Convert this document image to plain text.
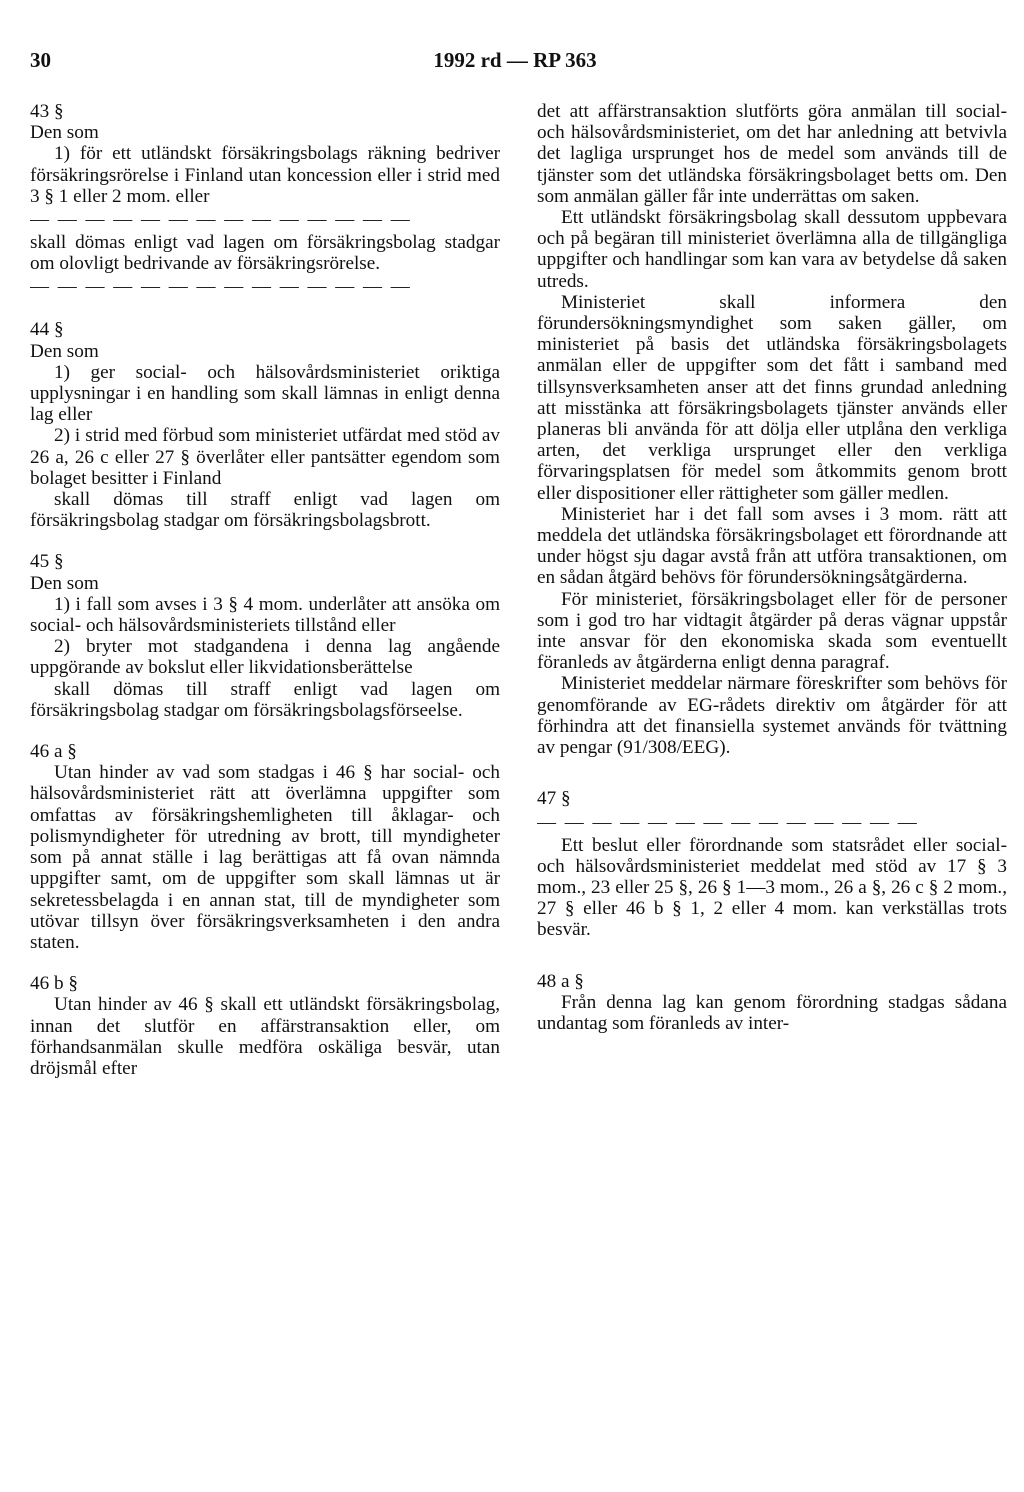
30	1992 rd — RP 363

43 §

Den som

1) för ett utländskt försäkringsbolags räkning bedriver försäkringsrörelse i Finland utan koncession eller i strid med 3 § 1 eller 2 mom. eller

— — — — — — — — — — — — — —

skall dömas enligt vad lagen om försäkringsbolag stadgar om olovligt bedrivande av försäkringsrörelse.

— — — — — — — — — — — — — —

44 §

Den som

1) ger social- och hälsovårdsministeriet oriktiga upplysningar i en handling som skall lämnas in enligt denna lag eller

2) i strid med förbud som ministeriet utfärdat med stöd av 26 a, 26 c eller 27 § överlåter eller pantsätter egendom som bolaget besitter i Finland

skall dömas till straff enligt vad lagen om försäkringsbolag stadgar om försäkringsbolagsbrott.

45 §

Den som

1) i fall som avses i 3 § 4 mom. underlåter att ansöka om social- och hälsovårdsministeriets tillstånd eller

2) bryter mot stadgandena i denna lag angående uppgörande av bokslut eller likvidationsberättelse

skall dömas till straff enligt vad lagen om försäkringsbolag stadgar om försäkringsbolagsförseelse.

46 a §

Utan hinder av vad som stadgas i 46 § har social- och hälsovårdsministeriet rätt att överlämna uppgifter som omfattas av försäkringshemligheten till åklagar- och polismyndigheter för utredning av brott, till myndigheter som på annat ställe i lag berättigas att få ovan nämnda uppgifter samt, om de uppgifter som skall lämnas ut är sekretessbelagda i en annan stat, till de myndigheter som utövar tillsyn över försäkringsverksamheten i den andra staten.

46 b §

Utan hinder av 46 § skall ett utländskt försäkringsbolag, innan det slutför en affärstransaktion eller, om förhandsanmälan skulle medföra oskäliga besvär, utan dröjsmål efter

det att affärstransaktion slutförts göra anmälan till social- och hälsovårdsministeriet, om det har anledning att betvivla det lagliga ursprunget hos de medel som används till de tjänster som det utländska försäkringsbolaget betts om. Den som anmälan gäller får inte underrättas om saken.

Ett utländskt försäkringsbolag skall dessutom uppbevara och på begäran till ministeriet överlämna alla de tillgängliga uppgifter och handlingar som kan vara av betydelse då saken utreds.

Ministeriet skall informera den förundersökningsmyndighet som saken gäller, om ministeriet på basis det utländska försäkringsbolagets anmälan eller de uppgifter som det fått i samband med tillsynsverksamheten anser att det finns grundad anledning att misstänka att försäkringsbolagets tjänster används eller planeras bli använda för att dölja eller utplåna den verkliga arten, det verkliga ursprunget eller den verkliga förvaringsplatsen för medel som åtkommits genom brott eller dispositioner eller rättigheter som gäller medlen.

Ministeriet har i det fall som avses i 3 mom. rätt att meddela det utländska försäkringsbolaget ett förordnande att under högst sju dagar avstå från att utföra transaktionen, om en sådan åtgärd behövs för förundersökningsåtgärderna.

För ministeriet, försäkringsbolaget eller för de personer som i god tro har vidtagit åtgärder på deras vägnar uppstår inte ansvar för den ekonomiska skada som eventuellt föranleds av åtgärderna enligt denna paragraf.

Ministeriet meddelar närmare föreskrifter som behövs för genomförande av EG-rådets direktiv om åtgärder för att förhindra att det finansiella systemet används för tvättning av pengar (91/308/EEG).

47 §

— — — — — — — — — — — — — —

Ett beslut eller förordnande som statsrådet eller social- och hälsovårdsministeriet meddelat med stöd av 17 § 3 mom., 23 eller 25 §, 26 § 1—3 mom., 26 a §, 26 c § 2 mom., 27 § eller 46 b § 1, 2 eller 4 mom. kan verkställas trots besvär.

48 a §

Från denna lag kan genom förordning stadgas sådana undantag som föranleds av inter-
